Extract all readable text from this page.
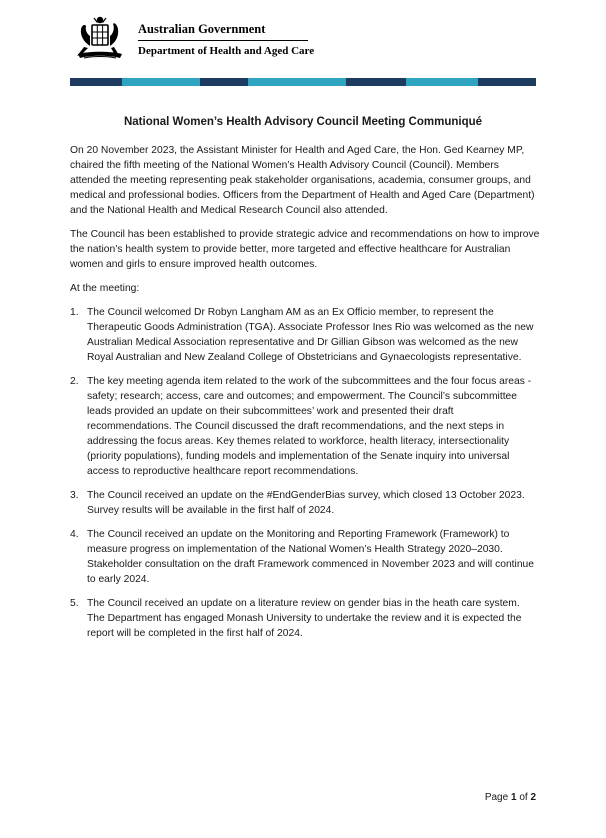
Australian Government
Department of Health and Aged Care
National Women’s Health Advisory Council Meeting Communiqué

On 20 November 2023, the Assistant Minister for Health and Aged Care, the Hon. Ged Kearney MP, chaired the fifth meeting of the National Women’s Health Advisory Council (Council). Members attended the meeting representing peak stakeholder organisations, academia, consumer groups, and medical and professional bodies. Officers from the Department of Health and Aged Care (Department) and the National Health and Medical Research Council also attended.

The Council has been established to provide strategic advice and recommendations on how to improve the nation’s health system to provide better, more targeted and effective healthcare for Australian women and girls to ensure improved health outcomes.

At the meeting:

1. The Council welcomed Dr Robyn Langham AM as an Ex Officio member, to represent the Therapeutic Goods Administration (TGA). Associate Professor Ines Rio was welcomed as the new Australian Medical Association representative and Dr Gillian Gibson was welcomed as the new Royal Australian and New Zealand College of Obstetricians and Gynaecologists representative.
2. The key meeting agenda item related to the work of the subcommittees and the four focus areas - safety; research; access, care and outcomes; and empowerment. The Council’s subcommittee leads provided an update on their subcommittees’ work and presented their draft recommendations. The Council discussed the draft recommendations, and the next steps in addressing the focus areas. Key themes related to workforce, health literacy, intersectionality (priority populations), funding models and implementation of the Senate inquiry into universal access to reproductive healthcare report recommendations.
3. The Council received an update on the #EndGenderBias survey, which closed 13 October 2023. Survey results will be available in the first half of 2024.
4. The Council received an update on the Monitoring and Reporting Framework (Framework) to measure progress on implementation of the National Women’s Health Strategy 2020–2030. Stakeholder consultation on the draft Framework commenced in November 2023 and will continue to early 2024.
5. The Council received an update on a literature review on gender bias in the heath care system. The Department has engaged Monash University to undertake the review and it is expected the report will be completed in the first half of 2024.
Page 1 of 2
